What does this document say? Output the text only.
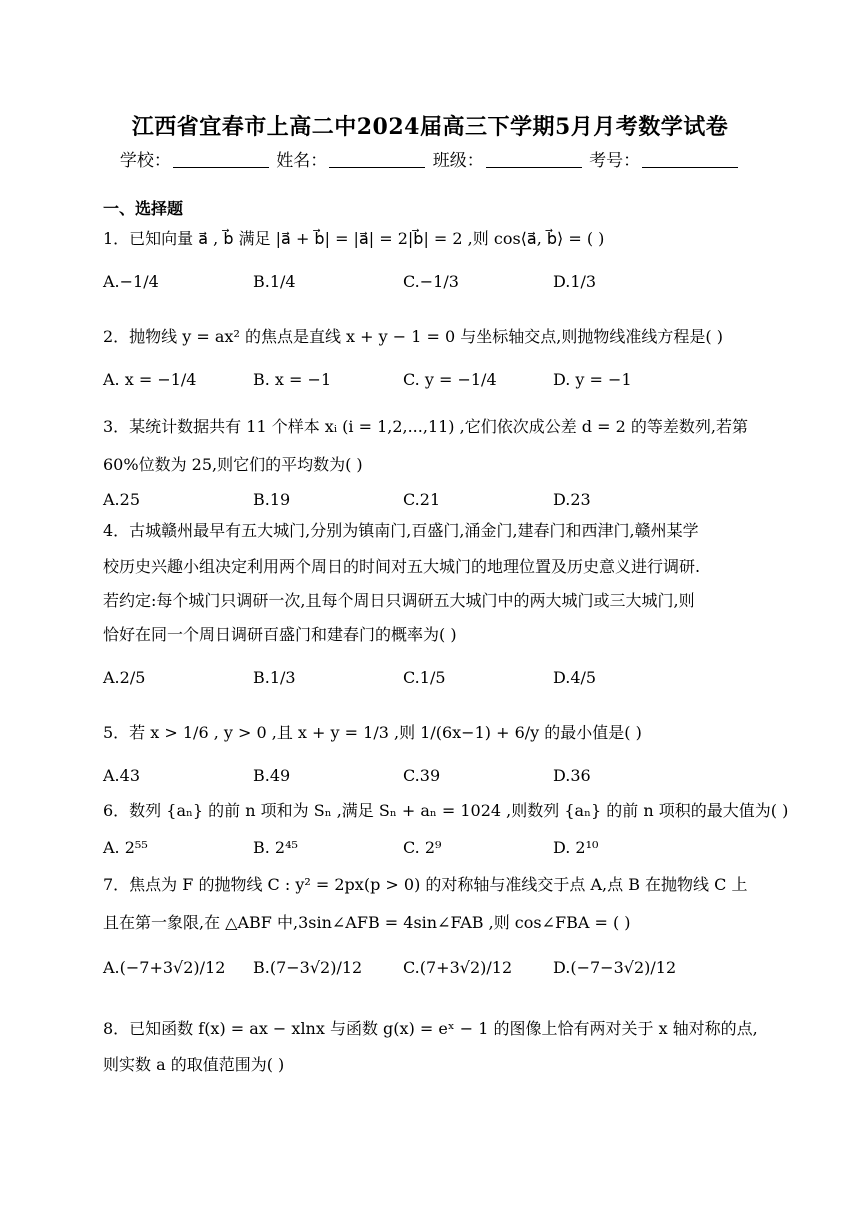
江西省宜春市上高二中2024届高三下学期5月月考数学试卷
学校：	姓名：	班级：	考号：
一、选择题
1．已知向量 a⃗ , b⃗ 满足 |a⃗ + b⃗| = |a⃗| = 2|b⃗| = 2 ,则 cos⟨a⃗, b⃗⟩ = ( )
A.−1/4	B.1/4	C.−1/3	D.1/3
2．抛物线 y = ax² 的焦点是直线 x + y − 1 = 0 与坐标轴交点,则抛物线准线方程是( )
A. x = −1/4	B. x = −1	C. y = −1/4	D. y = −1
3．某统计数据共有 11 个样本 xᵢ (i = 1,2,...,11) ,它们依次成公差 d = 2 的等差数列,若第
60%位数为 25,则它们的平均数为( )
A.25	B.19	C.21	D.23
4．古城赣州最早有五大城门,分别为镇南门,百盛门,涌金门,建春门和西津门,赣州某学
校历史兴趣小组决定利用两个周日的时间对五大城门的地理位置及历史意义进行调研.
若约定:每个城门只调研一次,且每个周日只调研五大城门中的两大城门或三大城门,则
恰好在同一个周日调研百盛门和建春门的概率为( )
A.2/5	B.1/3	C.1/5	D.4/5
5．若 x > 1/6 , y > 0 ,且 x + y = 1/3 ,则 1/(6x−1) + 6/y 的最小值是( )
A.43	B.49	C.39	D.36
6．数列 {aₙ} 的前 n 项和为 Sₙ ,满足 Sₙ + aₙ = 1024 ,则数列 {aₙ} 的前 n 项积的最大值为( )
A. 2⁵⁵	B. 2⁴⁵	C. 2⁹	D. 2¹⁰
7．焦点为 F 的抛物线 C : y² = 2px(p > 0) 的对称轴与准线交于点 A,点 B 在抛物线 C 上
且在第一象限,在 △ABF 中,3sin∠AFB = 4sin∠FAB ,则 cos∠FBA = ( )
A.(−7+3√2)/12 B.(7−3√2)/12	C.(7+3√2)/12	D.(−7−3√2)/12
8．已知函数 f(x) = ax − xlnx 与函数 g(x) = eˣ − 1 的图像上恰有两对关于 x 轴对称的点,
则实数 a 的取值范围为( )
